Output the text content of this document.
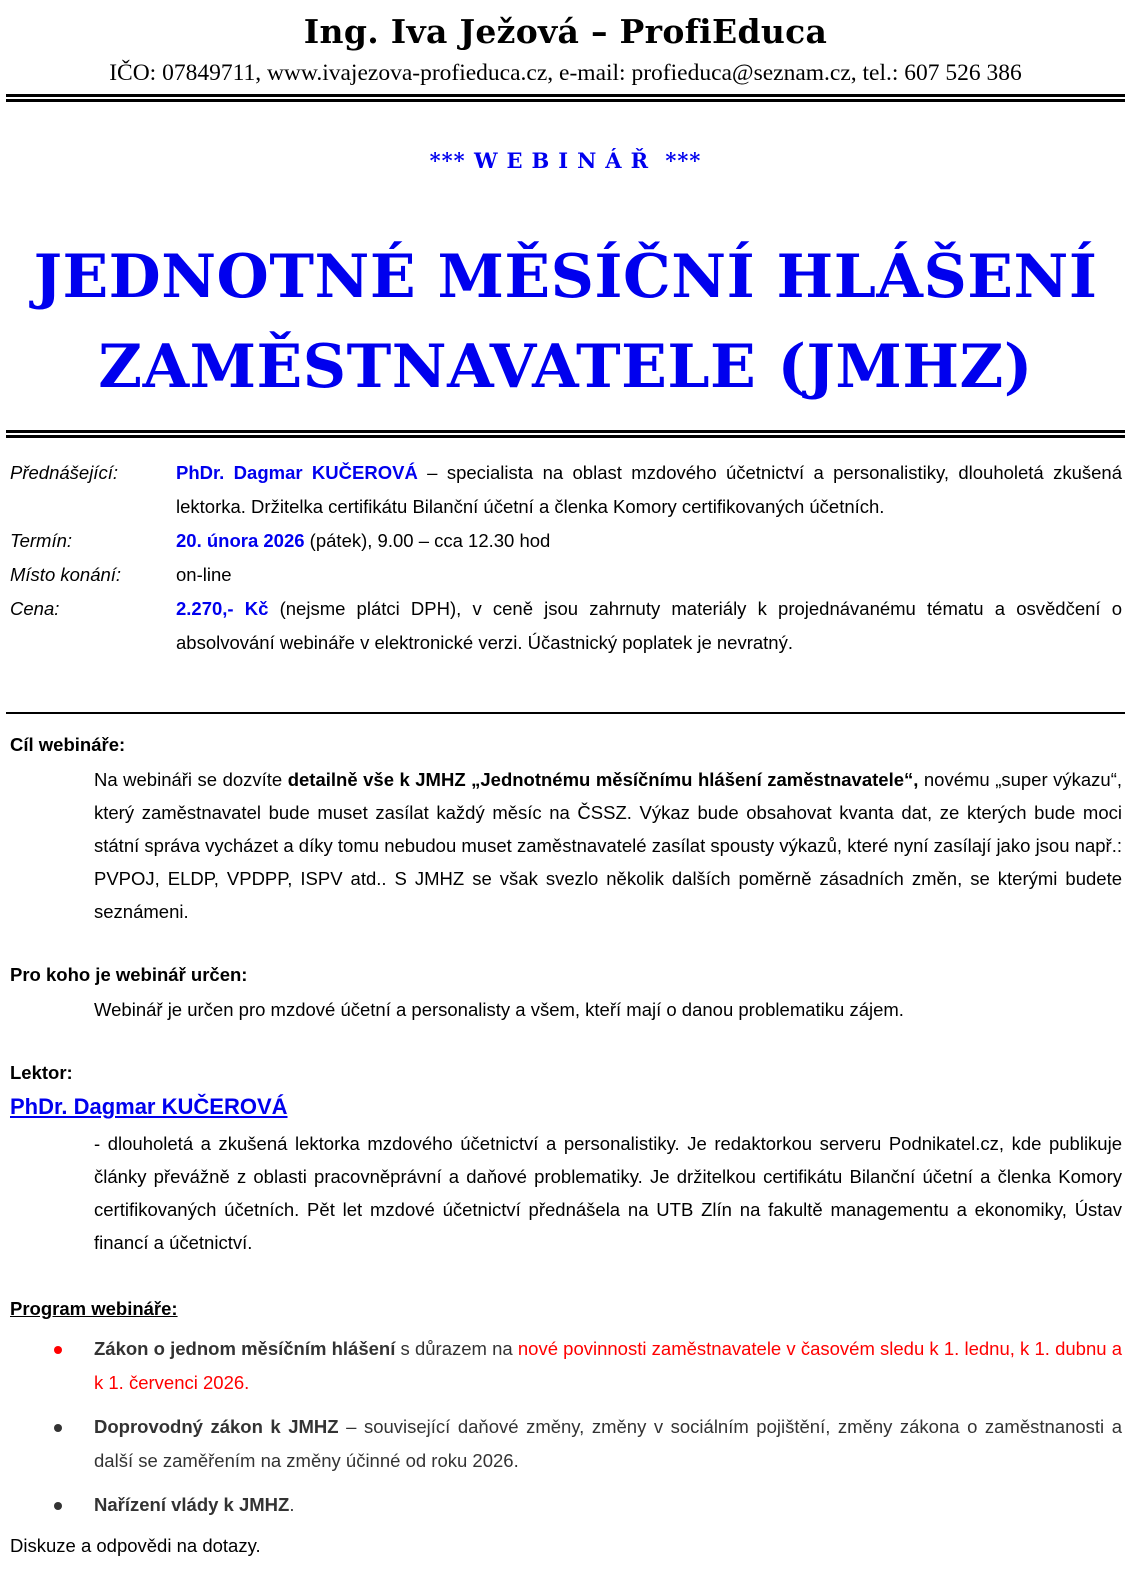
Ing. Iva Ježová – ProfiEduca
IČO: 07849711, www.ivajezova-profieduca.cz, e-mail: profieduca@seznam.cz, tel.: 607 526 386
*** WEBINÁŘ ***
JEDNOTNÉ MĚSÍČNÍ HLÁŠENÍ
ZAMĚSTNAVATELE (JMHZ)
Přednášející:	PhDr. Dagmar KUČEROVÁ – specialista na oblast mzdového účetnictví a personalistiky, dlouholetá zkušená lektorka. Držitelka certifikátu Bilanční účetní a členka Komory certifikovaných účetních.
Termín:	20. února 2026 (pátek), 9.00 – cca 12.30 hod
Místo konání:	on-line
Cena:	2.270,- Kč (nejsme plátci DPH), v ceně jsou zahrnuty materiály k projednávanému tématu a osvědčení o absolvování webináře v elektronické verzi. Účastnický poplatek je nevratný.
Cíl webináře:
Na webináři se dozvíte detailně vše k JMHZ „Jednotnému měsíčnímu hlášení zaměstnavatele“, novému „super výkazu“, který zaměstnavatel bude muset zasílat každý měsíc na ČSSZ. Výkaz bude obsahovat kvanta dat, ze kterých bude moci státní správa vycházet a díky tomu nebudou muset zaměstnavatelé zasílat spousty výkazů, které nyní zasílají jako jsou např.: PVPOJ, ELDP, VPDPP, ISPV atd.. S JMHZ se však svezlo několik dalších poměrně zásadních změn, se kterými budete seznámeni.
Pro koho je webinář určen:
Webinář je určen pro mzdové účetní a personalisty a všem, kteří mají o danou problematiku zájem.
Lektor:
PhDr. Dagmar KUČEROVÁ
- dlouholetá a zkušená lektorka mzdového účetnictví a personalistiky. Je redaktorkou serveru Podnikatel.cz, kde publikuje články převážně z oblasti pracovněprávní a daňové problematiky. Je držitelkou certifikátu Bilanční účetní a členka Komory certifikovaných účetních. Pět let mzdové účetnictví přednášela na UTB Zlín na fakultě managementu a ekonomiky, Ústav financí a účetnictví.
Program webináře:
Zákon o jednom měsíčním hlášení s důrazem na nové povinnosti zaměstnavatele v časovém sledu k 1. lednu, k 1. dubnu a k 1. červenci 2026.
Doprovodný zákon k JMHZ – související daňové změny, změny v sociálním pojištění, změny zákona o zaměstnanosti a další se zaměřením na změny účinné od roku 2026.
Nařízení vlády k JMHZ.
Diskuze a odpovědi na dotazy.
